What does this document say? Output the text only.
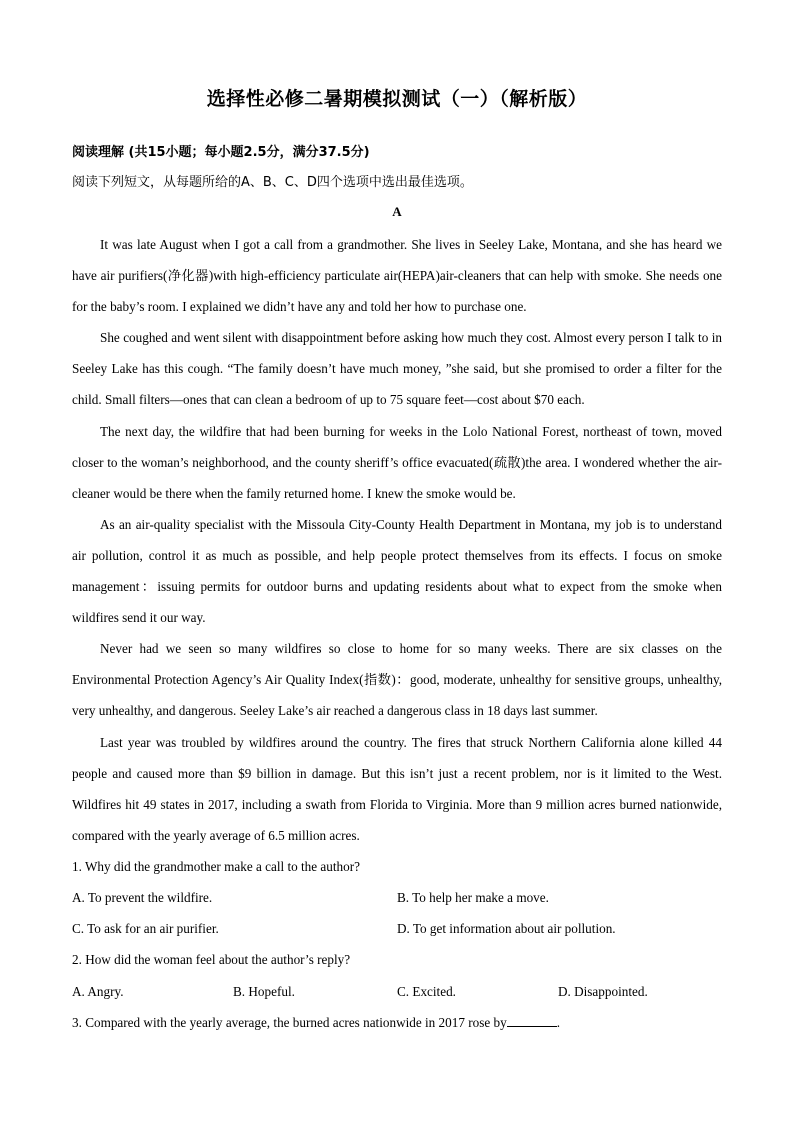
选择性必修二暑期模拟测试（一）（解析版）
阅读理解 (共15小题；每小题2.5分，满分37.5分)
阅读下列短文，从每题所给的A、B、C、D四个选项中选出最佳选项。
A

It was late August when I got a call from a grandmother. She lives in Seeley Lake, Montana, and she has heard we have air purifiers(净化器)with high-efficiency particulate air(HEPA)air-cleaners that can help with smoke. She needs one for the baby’s room. I explained we didn’t have any and told her how to purchase one.

She coughed and went silent with disappointment before asking how much they cost. Almost every person I talk to in Seeley Lake has this cough. “The family doesn’t have much money, ”she said, but she promised to order a filter for the child. Small filters—ones that can clean a bedroom of up to 75 square feet—cost about $70 each.

The next day, the wildfire that had been burning for weeks in the Lolo National Forest, northeast of town, moved closer to the woman’s neighborhood, and the county sheriff’s office evacuated(疏散)the area. I wondered whether the air-cleaner would be there when the family returned home. I knew the smoke would be.

As an air-quality specialist with the Missoula City-County Health Department in Montana, my job is to understand air pollution, control it as much as possible, and help people protect themselves from its effects. I focus on smoke management：issuing permits for outdoor burns and updating residents about what to expect from the smoke when wildfires send it our way.

Never had we seen so many wildfires so close to home for so many weeks. There are six classes on the Environmental Protection Agency’s Air Quality Index(指数)：good, moderate, unhealthy for sensitive groups, unhealthy, very unhealthy, and dangerous. Seeley Lake’s air reached a dangerous class in 18 days last summer.

Last year was troubled by wildfires around the country. The fires that struck Northern California alone killed 44 people and caused more than $9 billion in damage. But this isn’t just a recent problem, nor is it limited to the West. Wildfires hit 49 states in 2017, including a swath from Florida to Virginia. More than 9 million acres burned nationwide, compared with the yearly average of 6.5 million acres.

1. Why did the grandmother make a call to the author?
A. To prevent the wildfire.	B. To help her make a move.
C. To ask for an air purifier.	D. To get information about air pollution.
2. How did the woman feel about the author’s reply?
A. Angry.	B. Hopeful.	C. Excited.	D. Disappointed.
3. Compared with the yearly average, the burned acres nationwide in 2017 rose by	.
